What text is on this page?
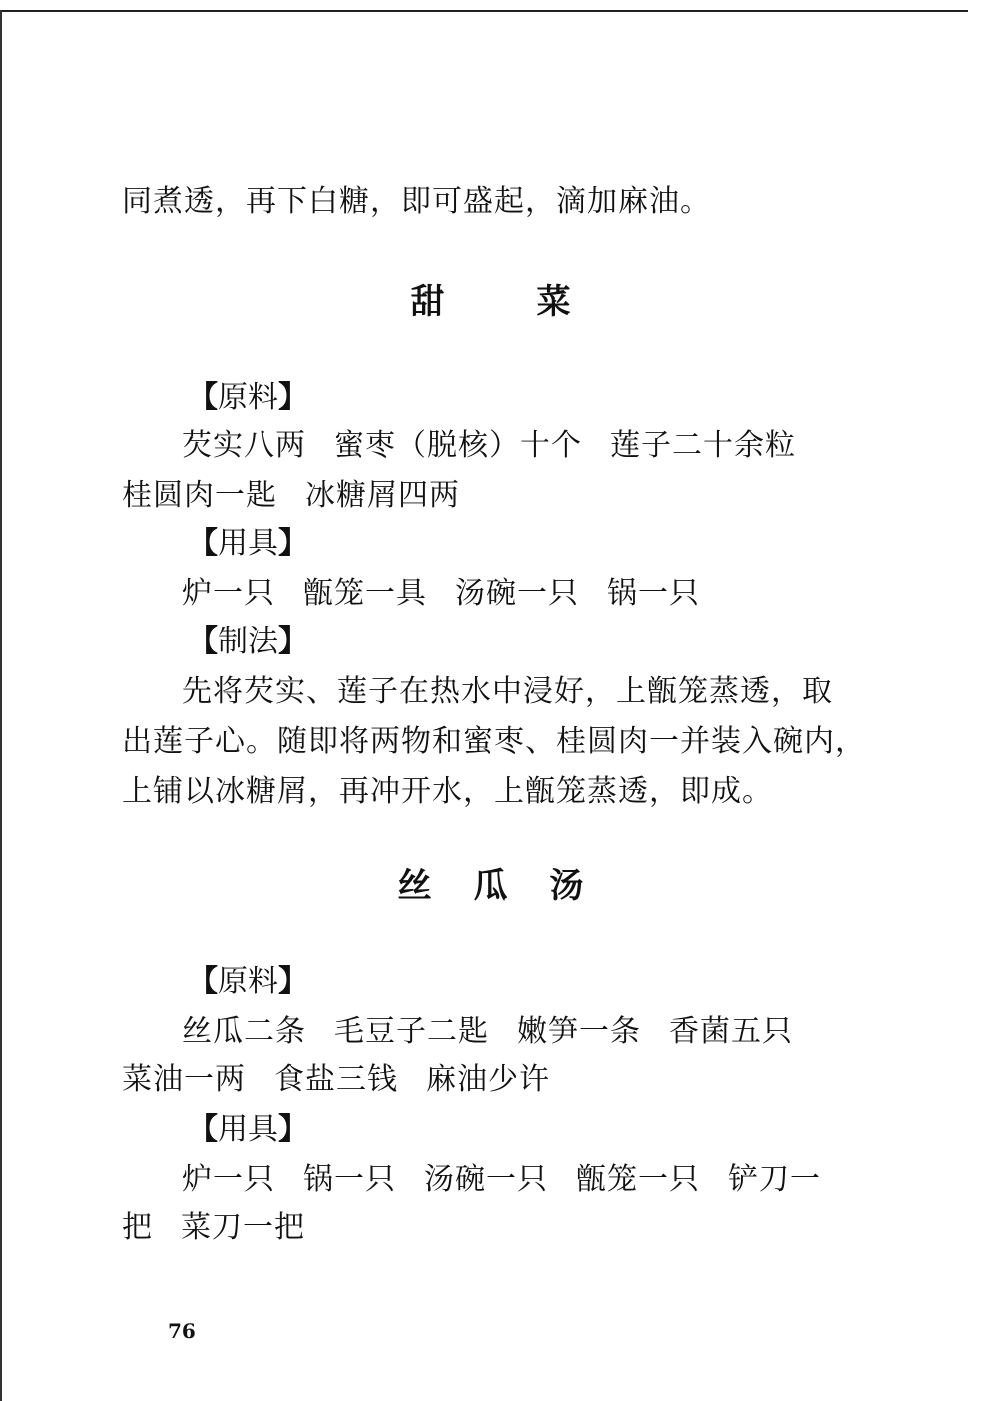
同煮透，再下白糖，即可盛起，滴加麻油。

甜	菜

【原料】

芡实八两 蜜枣（脱核）十个 莲子二十余粒

桂圆肉一匙 冰糖屑四两

【用具】

炉一只 甑笼一具 汤碗一只 锅一只

【制法】

先将芡实、莲子在热水中浸好，上甑笼蒸透，取

出莲子心。随即将两物和蜜枣、桂圆肉一并装入碗内，

上铺以冰糖屑，再冲开水，上甑笼蒸透，即成。

丝 瓜 汤

【原料】

丝瓜二条 毛豆子二匙 嫩笋一条 香菌五只

菜油一两 食盐三钱 麻油少许

【用具】

炉一只 锅一只 汤碗一只 甑笼一只 铲刀一

把 菜刀一把

76
